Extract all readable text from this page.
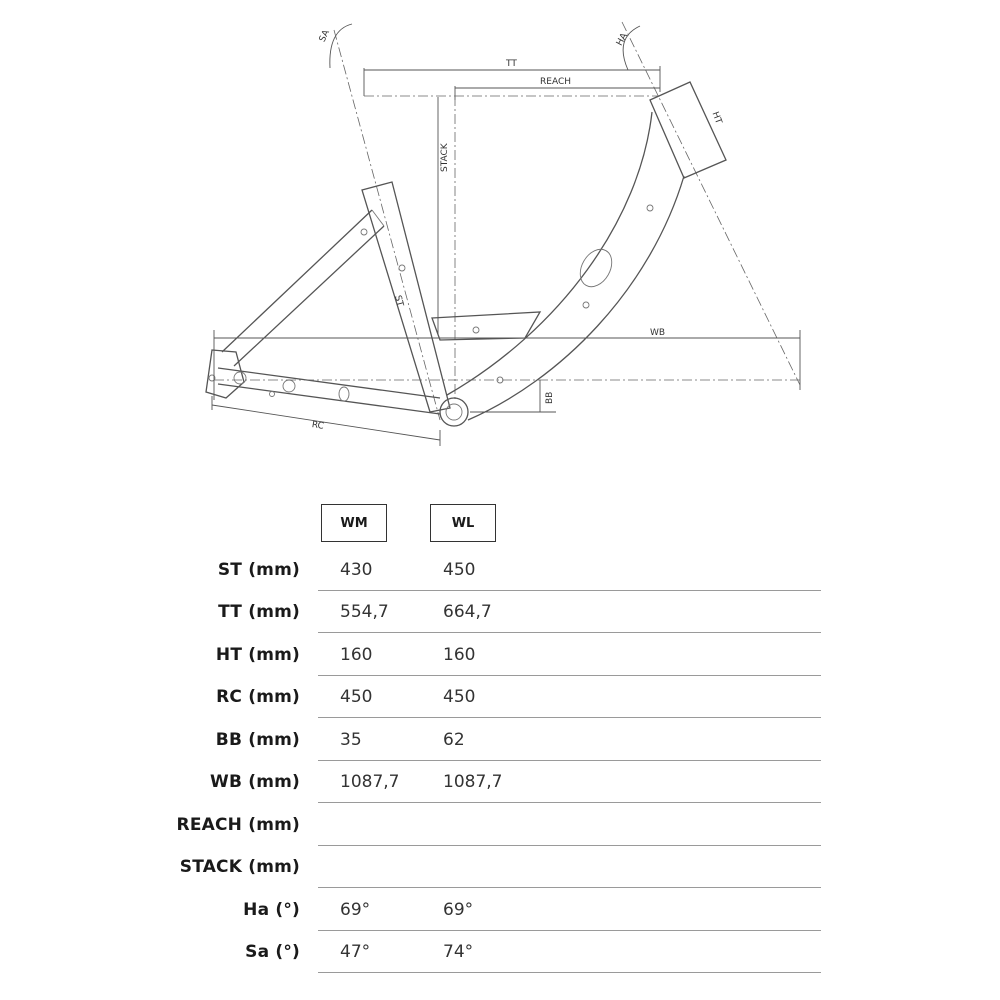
SA	HA
TT
REACH
STACK
HT
ST
WB
BB
RC
WM	WL
ST (mm) 430	450
TT (mm) 554,7	664,7
HT (mm) 160	160
RC (mm) 450	450
BB (mm) 35	62
WB (mm) 1087,7	1087,7
REACH (mm)
STACK (mm)
Ha (°) 69°	69°
Sa (°) 47°	74°
